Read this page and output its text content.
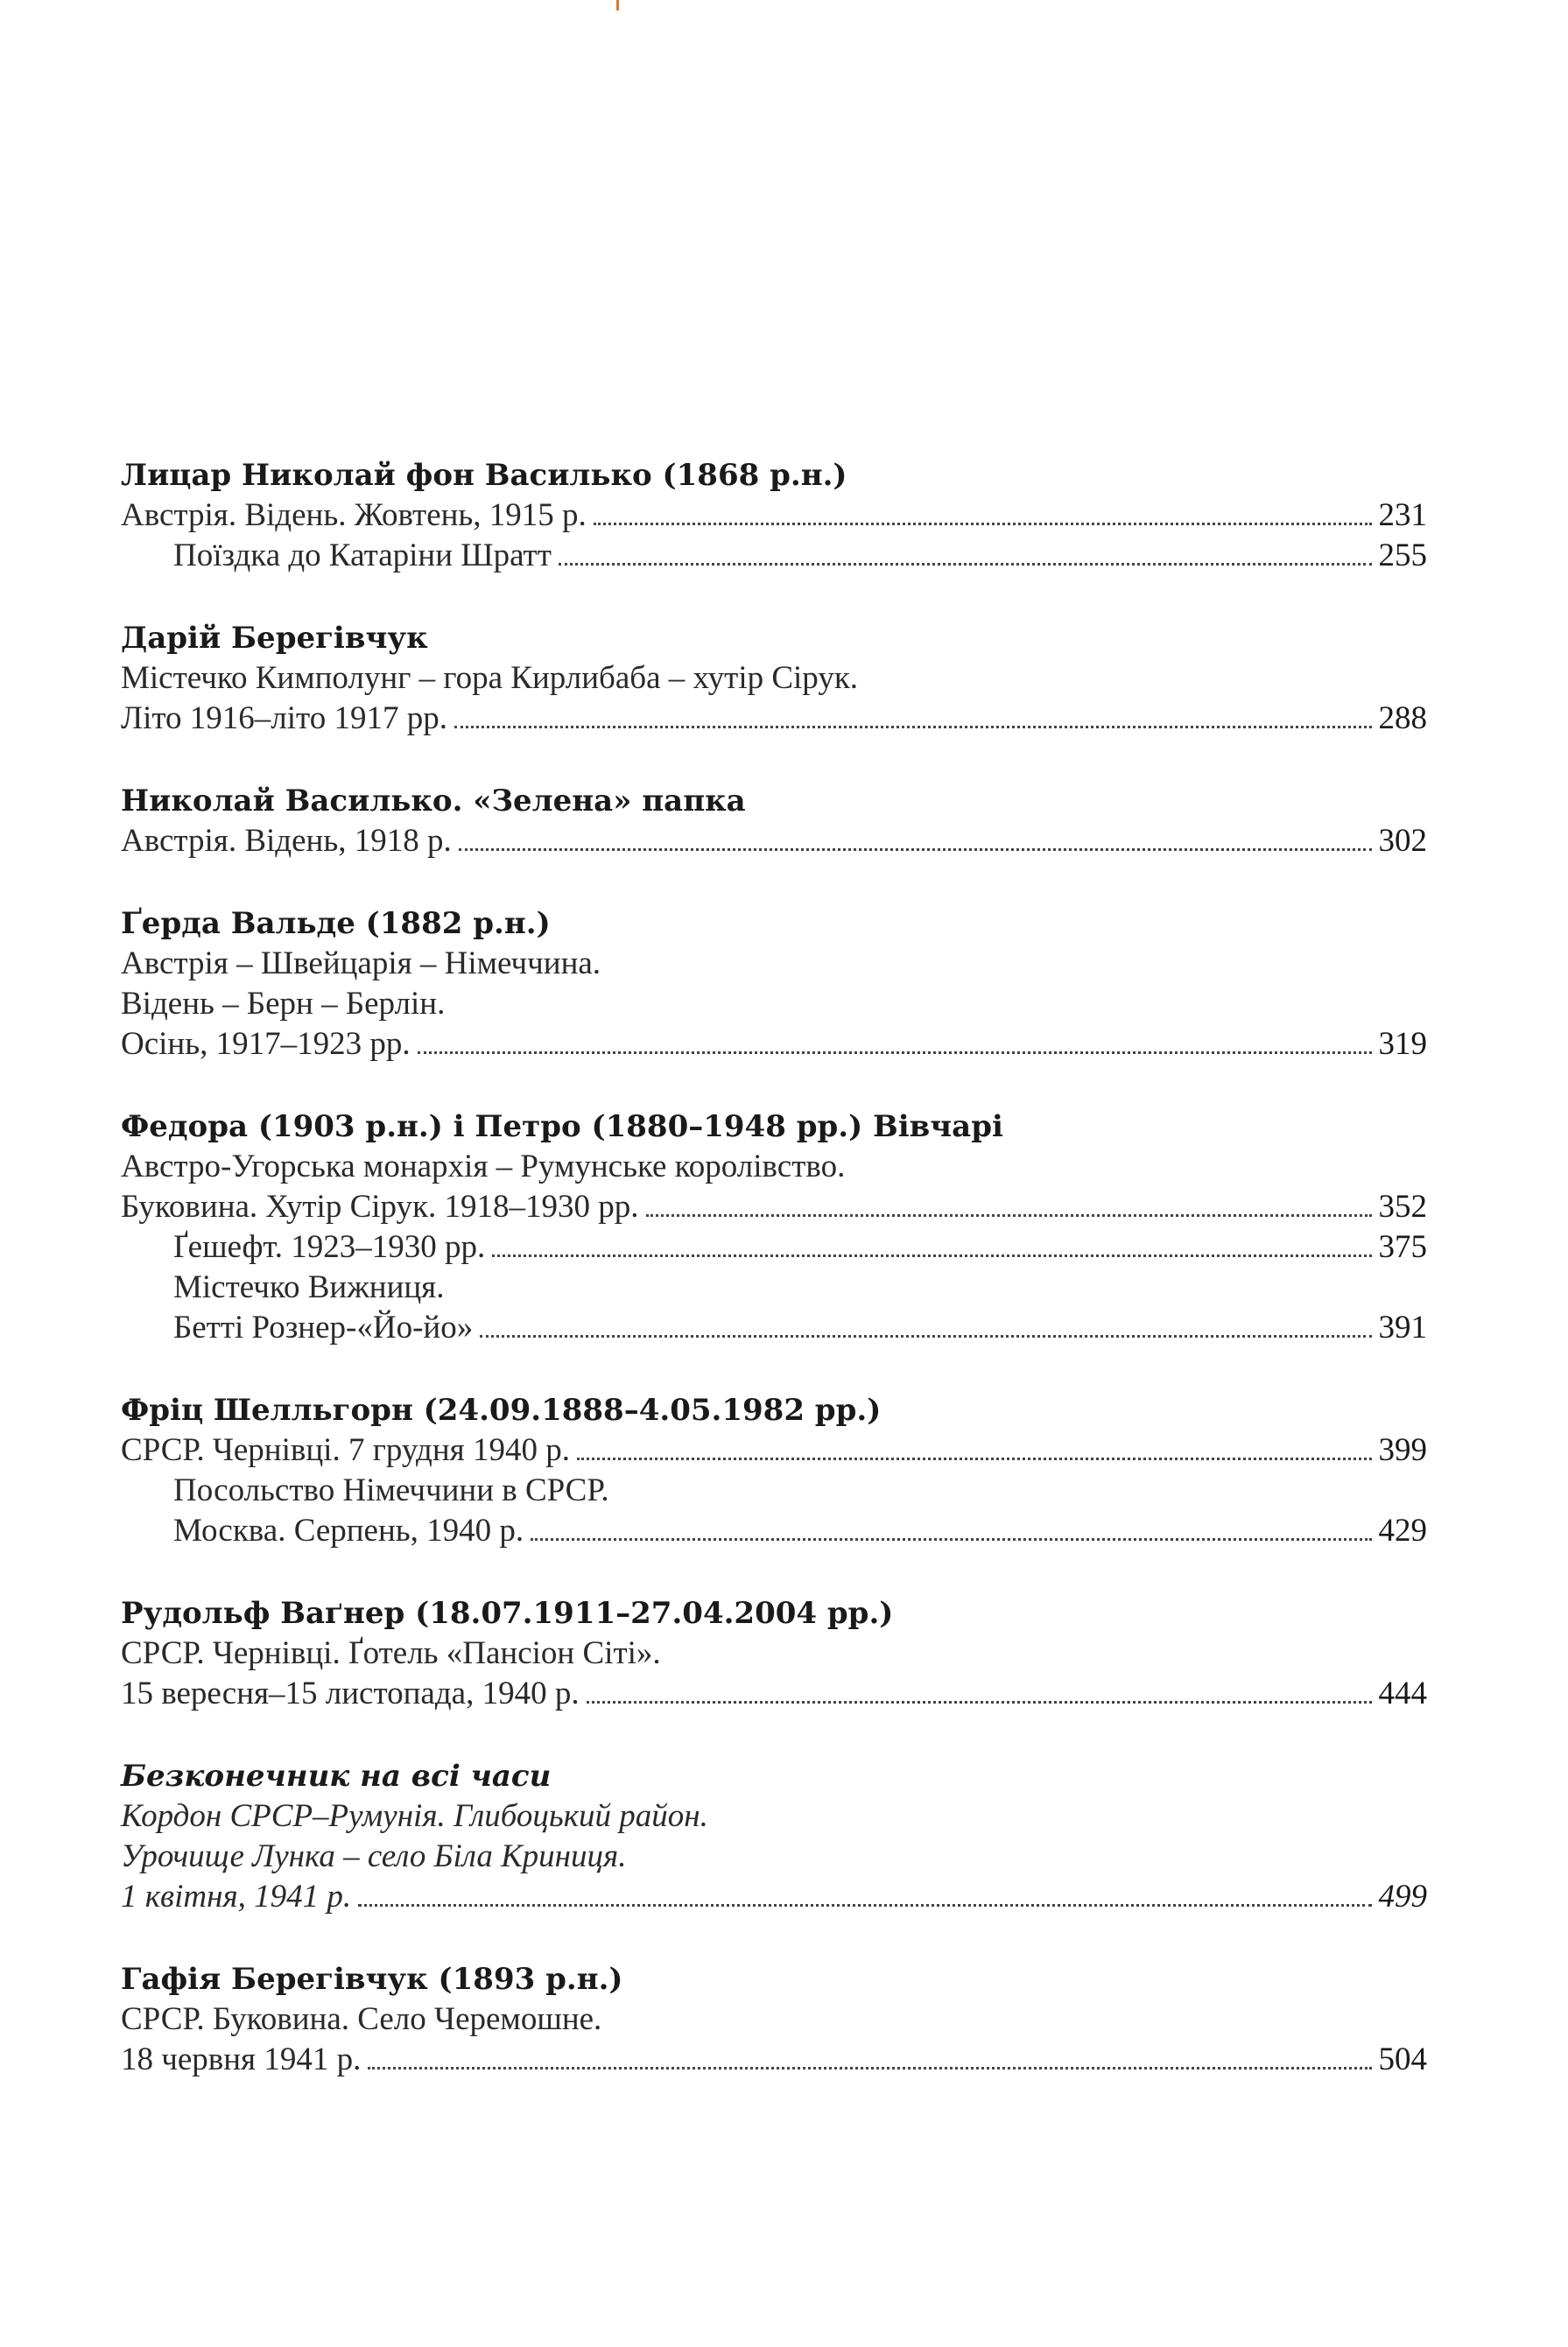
Лицар Николай фон Василько (1868 р.н.)
Австрія. Відень. Жовтень, 1915 р.	231
Поїздка до Катаріни Шратт	255
Дарій Берегівчук
Містечко Кимполунг – гора Кирлибаба – хутір Сірук.
Літо 1916–літо 1917 рр.	288
Николай Василько. «Зелена» папка
Австрія. Відень, 1918 р.	302
Ґерда Вальде (1882 р.н.)
Австрія – Швейцарія – Німеччина.
Відень – Берн – Берлін.
Осінь, 1917–1923 рр.	319
Федора (1903 р.н.) і Петро (1880–1948 рр.) Вівчарі
Австро-Угорська монархія – Румунське королівство.
Буковина. Хутір Сірук. 1918–1930 рр.	352
Ґешефт. 1923–1930 рр.	375
Містечко Вижниця.
Бетті Рознер-«Йо-йо»	391
Фріц Шелльгорн (24.09.1888–4.05.1982 рр.)
СРСР. Чернівці. 7 грудня 1940 р.	399
Посольство Німеччини в СРСР.
Москва. Серпень, 1940 р.	429
Рудольф Ваґнер (18.07.1911–27.04.2004 рр.)
СРСР. Чернівці. Ґотель «Пансіон Сіті».
15 вересня–15 листопада, 1940 р.	444
Безконечник на всі часи
Кордон СРСР–Румунія. Глибоцький район.
Урочище Лунка – село Біла Криниця.
1 квітня, 1941 р.	499
Гафія Берегівчук (1893 р.н.)
СРСР. Буковина. Село Черемошне.
18 червня 1941 р.	504
